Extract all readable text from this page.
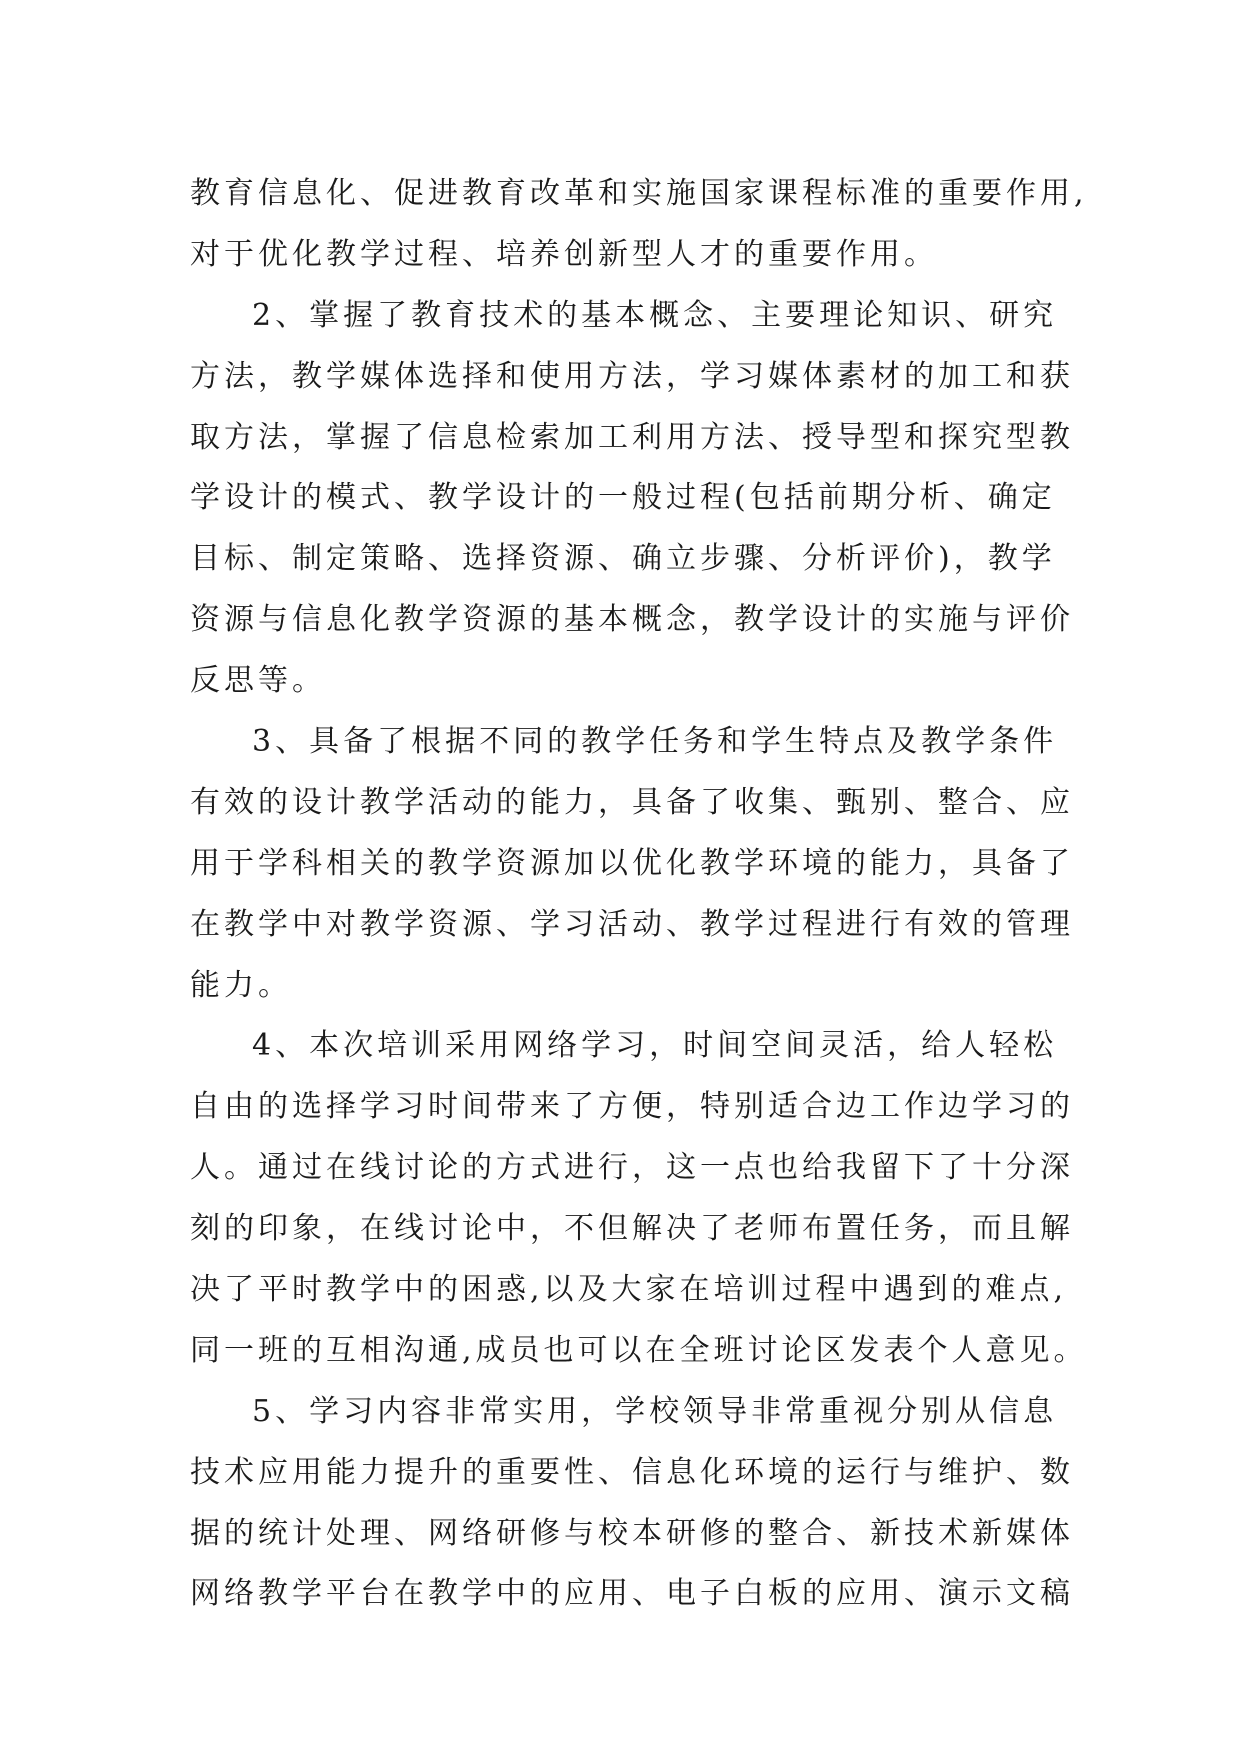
教育信息化、促进教育改革和实施国家课程标准的重要作用,
对于优化教学过程、培养创新型人才的重要作用。
2、掌握了教育技术的基本概念、主要理论知识、研究
方法，教学媒体选择和使用方法，学习媒体素材的加工和获
取方法，掌握了信息检索加工利用方法、授导型和探究型教
学设计的模式、教学设计的一般过程(包括前期分析、确定
目标、制定策略、选择资源、确立步骤、分析评价)，教学
资源与信息化教学资源的基本概念，教学设计的实施与评价
反思等。
3、具备了根据不同的教学任务和学生特点及教学条件
有效的设计教学活动的能力，具备了收集、甄别、整合、应
用于学科相关的教学资源加以优化教学环境的能力，具备了
在教学中对教学资源、学习活动、教学过程进行有效的管理
能力。
4、本次培训采用网络学习，时间空间灵活，给人轻松
自由的选择学习时间带来了方便，特别适合边工作边学习的
人。通过在线讨论的方式进行，这一点也给我留下了十分深
刻的印象，在线讨论中，不但解决了老师布置任务，而且解
决了平时教学中的困惑,以及大家在培训过程中遇到的难点,
同一班的互相沟通,成员也可以在全班讨论区发表个人意见。
5、学习内容非常实用，学校领导非常重视分别从信息
技术应用能力提升的重要性、信息化环境的运行与维护、数
据的统计处理、网络研修与校本研修的整合、新技术新媒体
网络教学平台在教学中的应用、电子白板的应用、演示文稿
